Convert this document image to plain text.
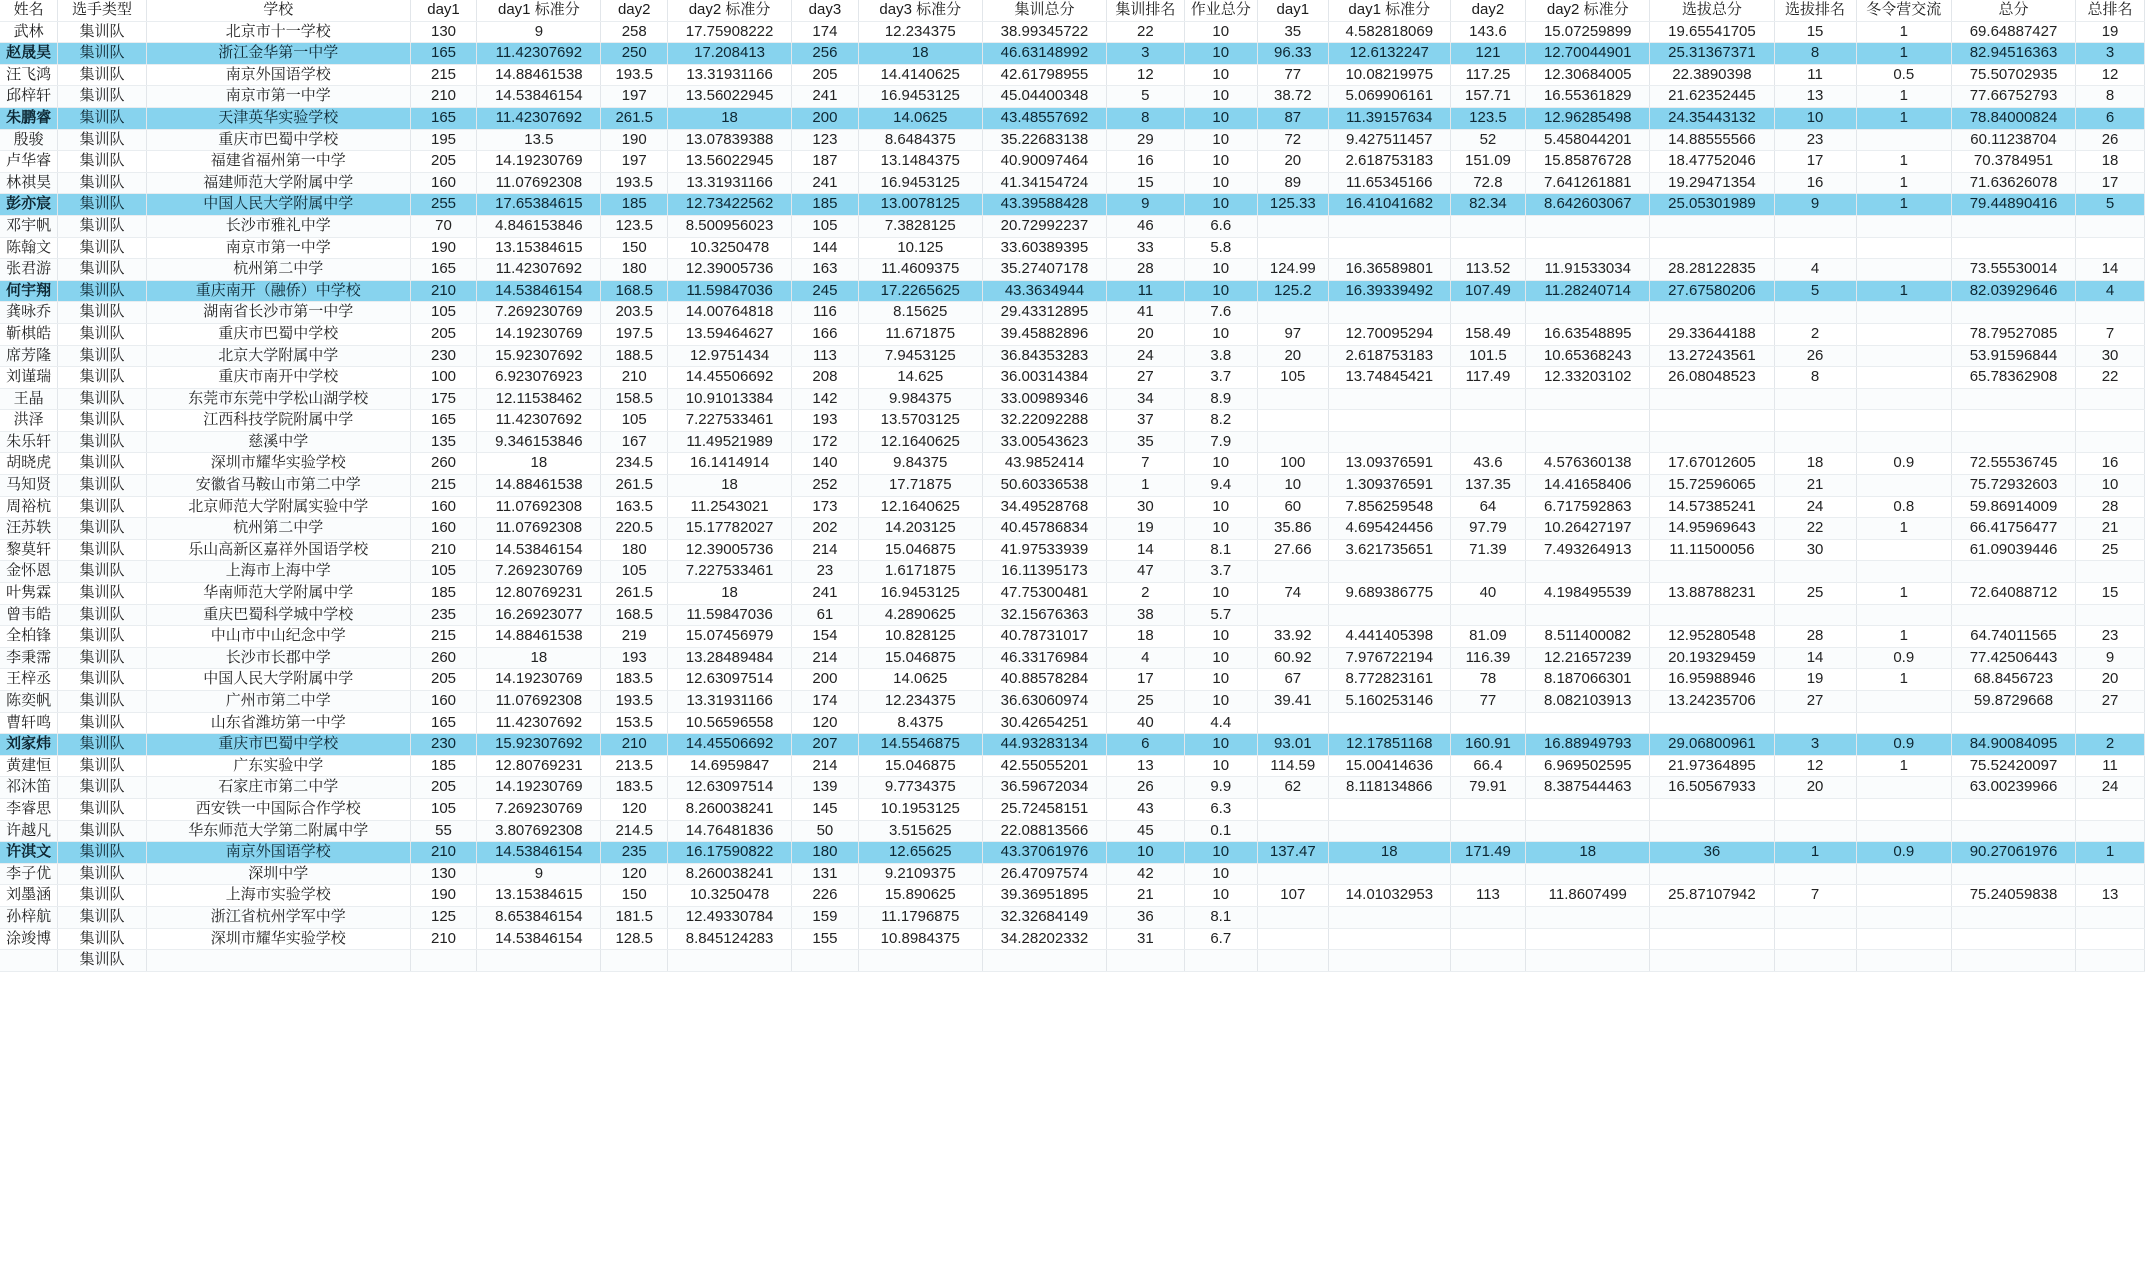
姓名	选手类型	学校	day1	day1 标准分	day2	day2 标准分	day3	day3 标准分	集训总分	集训排名	作业总分	day1	day1 标准分	day2	day2 标准分	选拔总分	选拔排名	冬令营交流	总分	总排名
武林	集训队	北京市十一学校	130	9	258	17.75908222	174	12.234375	38.99345722	22	10	35	4.582818069	143.6	15.07259899	19.65541705	15	1	69.64887427	19
赵晟昊	集训队	浙江金华第一中学	165	11.42307692	250	17.208413	256	18	46.63148992	3	10	96.33	12.6132247	121	12.70044901	25.31367371	8	1	82.94516363	3
汪飞鸿	集训队	南京外国语学校	215	14.88461538	193.5	13.31931166	205	14.4140625	42.61798955	12	10	77	10.08219975	117.25	12.30684005	22.3890398	11	0.5	75.50702935	12
邱梓轩	集训队	南京市第一中学	210	14.53846154	197	13.56022945	241	16.9453125	45.04400348	5	10	38.72	5.069906161	157.71	16.55361829	21.62352445	13	1	77.66752793	8
朱鹏睿	集训队	天津英华实验学校	165	11.42307692	261.5	18	200	14.0625	43.48557692	8	10	87	11.39157634	123.5	12.96285498	24.35443132	10	1	78.84000824	6
殷骏	集训队	重庆市巴蜀中学校	195	13.5	190	13.07839388	123	8.6484375	35.22683138	29	10	72	9.427511457	52	5.458044201	14.88555566	23		60.11238704	26
卢华睿	集训队	福建省福州第一中学	205	14.19230769	197	13.56022945	187	13.1484375	40.90097464	16	10	20	2.618753183	151.09	15.85876728	18.47752046	17	1	70.3784951	18
林祺昊	集训队	福建师范大学附属中学	160	11.07692308	193.5	13.31931166	241	16.9453125	41.34154724	15	10	89	11.65345166	72.8	7.641261881	19.29471354	16	1	71.63626078	17
彭亦宸	集训队	中国人民大学附属中学	255	17.65384615	185	12.73422562	185	13.0078125	43.39588428	9	10	125.33	16.41041682	82.34	8.642603067	25.05301989	9	1	79.44890416	5
邓宇帆	集训队	长沙市雅礼中学	70	4.846153846	123.5	8.500956023	105	7.3828125	20.72992237	46	6.6									
陈翰文	集训队	南京市第一中学	190	13.15384615	150	10.3250478	144	10.125	33.60389395	33	5.8									
张君游	集训队	杭州第二中学	165	11.42307692	180	12.39005736	163	11.4609375	35.27407178	28	10	124.99	16.36589801	113.52	11.91533034	28.28122835	4		73.55530014	14
何宇翔	集训队	重庆南开（融侨）中学校	210	14.53846154	168.5	11.59847036	245	17.2265625	43.3634944	11	10	125.2	16.39339492	107.49	11.28240714	27.67580206	5	1	82.03929646	4
龚咏乔	集训队	湖南省长沙市第一中学	105	7.269230769	203.5	14.00764818	116	8.15625	29.43312895	41	7.6									
靳棋皓	集训队	重庆市巴蜀中学校	205	14.19230769	197.5	13.59464627	166	11.671875	39.45882896	20	10	97	12.70095294	158.49	16.63548895	29.33644188	2		78.79527085	7
席芳隆	集训队	北京大学附属中学	230	15.92307692	188.5	12.9751434	113	7.9453125	36.84353283	24	3.8	20	2.618753183	101.5	10.65368243	13.27243561	26		53.91596844	30
刘谨瑞	集训队	重庆市南开中学校	100	6.923076923	210	14.45506692	208	14.625	36.00314384	27	3.7	105	13.74845421	117.49	12.33203102	26.08048523	8		65.78362908	22
王晶	集训队	东莞市东莞中学松山湖学校	175	12.11538462	158.5	10.91013384	142	9.984375	33.00989346	34	8.9									
洪泽	集训队	江西科技学院附属中学	165	11.42307692	105	7.227533461	193	13.5703125	32.22092288	37	8.2									
朱乐轩	集训队	慈溪中学	135	9.346153846	167	11.49521989	172	12.1640625	33.00543623	35	7.9									
胡晓虎	集训队	深圳市耀华实验学校	260	18	234.5	16.1414914	140	9.84375	43.9852414	7	10	100	13.09376591	43.6	4.576360138	17.67012605	18	0.9	72.55536745	16
马知贤	集训队	安徽省马鞍山市第二中学	215	14.88461538	261.5	18	252	17.71875	50.60336538	1	9.4	10	1.309376591	137.35	14.41658406	15.72596065	21		75.72932603	10
周裕杭	集训队	北京师范大学附属实验中学	160	11.07692308	163.5	11.2543021	173	12.1640625	34.49528768	30	10	60	7.856259548	64	6.717592863	14.57385241	24	0.8	59.86914009	28
汪苏轶	集训队	杭州第二中学	160	11.07692308	220.5	15.17782027	202	14.203125	40.45786834	19	10	35.86	4.695424456	97.79	10.26427197	14.95969643	22	1	66.41756477	21
黎莫轩	集训队	乐山高新区嘉祥外国语学校	210	14.53846154	180	12.39005736	214	15.046875	41.97533939	14	8.1	27.66	3.621735651	71.39	7.493264913	11.11500056	30		61.09039446	25
金怀恩	集训队	上海市上海中学	105	7.269230769	105	7.227533461	23	1.6171875	16.11395173	47	3.7									
叶隽霖	集训队	华南师范大学附属中学	185	12.80769231	261.5	18	241	16.9453125	47.75300481	2	10	74	9.689386775	40	4.198495539	13.88788231	25	1	72.64088712	15
曾韦皓	集训队	重庆巴蜀科学城中学校	235	16.26923077	168.5	11.59847036	61	4.2890625	32.15676363	38	5.7									
全柏锋	集训队	中山市中山纪念中学	215	14.88461538	219	15.07456979	154	10.828125	40.78731017	18	10	33.92	4.441405398	81.09	8.511400082	12.95280548	28	1	64.74011565	23
李秉霈	集训队	长沙市长郡中学	260	18	193	13.28489484	214	15.046875	46.33176984	4	10	60.92	7.976722194	116.39	12.21657239	20.19329459	14	0.9	77.42506443	9
王梓丞	集训队	中国人民大学附属中学	205	14.19230769	183.5	12.63097514	200	14.0625	40.88578284	17	10	67	8.772823161	78	8.187066301	16.95988946	19	1	68.8456723	20
陈奕帆	集训队	广州市第二中学	160	11.07692308	193.5	13.31931166	174	12.234375	36.63060974	25	10	39.41	5.160253146	77	8.082103913	13.24235706	27		59.8729668	27
曹轩鸣	集训队	山东省潍坊第一中学	165	11.42307692	153.5	10.56596558	120	8.4375	30.42654251	40	4.4									
刘家炜	集训队	重庆市巴蜀中学校	230	15.92307692	210	14.45506692	207	14.5546875	44.93283134	6	10	93.01	12.17851168	160.91	16.88949793	29.06800961	3	0.9	84.90084095	2
黄建恒	集训队	广东实验中学	185	12.80769231	213.5	14.6959847	214	15.046875	42.55055201	13	10	114.59	15.00414636	66.4	6.969502595	21.97364895	12	1	75.52420097	11
祁沐笛	集训队	石家庄市第二中学	205	14.19230769	183.5	12.63097514	139	9.7734375	36.59672034	26	9.9	62	8.118134866	79.91	8.387544463	16.50567933	20		63.00239966	24
李睿思	集训队	西安铁一中国际合作学校	105	7.269230769	120	8.260038241	145	10.1953125	25.72458151	43	6.3									
许越凡	集训队	华东师范大学第二附属中学	55	3.807692308	214.5	14.76481836	50	3.515625	22.08813566	45	0.1									
许淇文	集训队	南京外国语学校	210	14.53846154	235	16.17590822	180	12.65625	43.37061976	10	10	137.47	18	171.49	18	36	1	0.9	90.27061976	1
李子优	集训队	深圳中学	130	9	120	8.260038241	131	9.2109375	26.47097574	42	10									
刘墨涵	集训队	上海市实验学校	190	13.15384615	150	10.3250478	226	15.890625	39.36951895	21	10	107	14.01032953	113	11.8607499	25.87107942	7		75.24059838	13
孙梓航	集训队	浙江省杭州学军中学	125	8.653846154	181.5	12.49330784	159	11.1796875	32.32684149	36	8.1									
涂竣博	集训队	深圳市耀华实验学校	210	14.53846154	128.5	8.845124283	155	10.8984375	34.28202332	31	6.7									
	集训队																			
